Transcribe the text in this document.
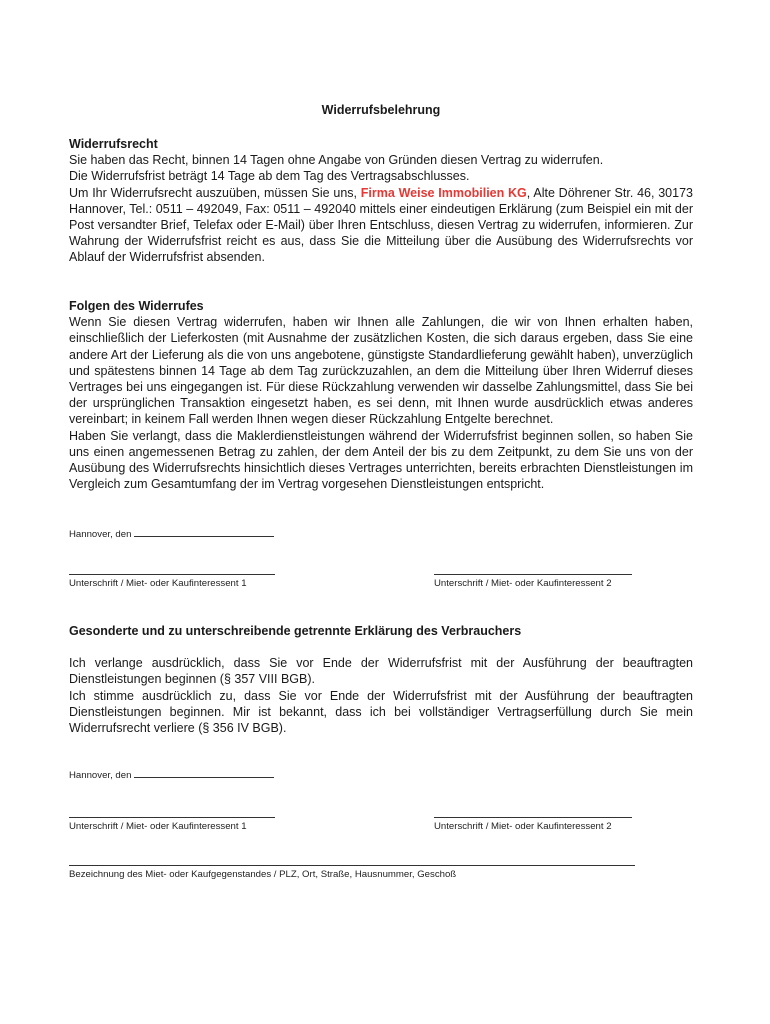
Widerrufsbelehrung

Widerrufsrecht

Sie haben das Recht, binnen 14 Tagen ohne Angabe von Gründen diesen Vertrag zu widerrufen.

Die Widerrufsfrist beträgt 14 Tage ab dem Tag des Vertragsabschlusses.

Um Ihr Widerrufsrecht auszuüben, müssen Sie uns, Firma Weise Immobilien KG, Alte Döhrener Str. 46, 30173 Hannover, Tel.: 0511 – 492049, Fax: 0511 – 492040 mittels einer eindeutigen Erklärung (zum Beispiel ein mit der Post versandter Brief, Telefax oder E-Mail) über Ihren Entschluss, diesen Vertrag zu widerrufen, informieren. Zur Wahrung der Widerrufsfrist reicht es aus, dass Sie die Mitteilung über die Ausübung des Widerrufsrechts vor Ablauf der Widerrufsfrist absenden.

Folgen des Widerrufes

Wenn Sie diesen Vertrag widerrufen, haben wir Ihnen alle Zahlungen, die wir von Ihnen erhalten haben, einschließlich der Lieferkosten (mit Ausnahme der zusätzlichen Kosten, die sich daraus ergeben, dass Sie eine andere Art der Lieferung als die von uns angebotene, günstigste Standardlieferung gewählt haben), unverzüglich und spätestens binnen 14 Tage ab dem Tag zurückzuzahlen, an dem die Mitteilung über Ihren Widerruf dieses Vertrages bei uns eingegangen ist. Für diese Rückzahlung verwenden wir dasselbe Zahlungsmittel, dass Sie bei der ursprünglichen Transaktion eingesetzt haben, es sei denn, mit Ihnen wurde ausdrücklich etwas anderes vereinbart; in keinem Fall werden Ihnen wegen dieser Rückzahlung Entgelte berechnet.

Haben Sie verlangt, dass die Maklerdienstleistungen während der Widerrufsfrist beginnen sollen, so haben Sie uns einen angemessenen Betrag zu zahlen, der dem Anteil der bis zu dem Zeitpunkt, zu dem Sie uns von der Ausübung des Widerrufsrechts hinsichtlich dieses Vertrages unterrichten, bereits erbrachten Dienstleistungen im Vergleich zum Gesamtumfang der im Vertrag vorgesehen Dienstleistungen entspricht.

Hannover, den
Unterschrift / Miet- oder Kaufinteressent 1	Unterschrift / Miet- oder Kaufinteressent 2

Gesonderte und zu unterschreibende getrennte Erklärung des Verbrauchers

Ich verlange ausdrücklich, dass Sie vor Ende der Widerrufsfrist mit der Ausführung der beauftragten Dienstleistungen beginnen (§ 357 VIII BGB).

Ich stimme ausdrücklich zu, dass Sie vor Ende der Widerrufsfrist mit der Ausführung der beauftragten Dienstleistungen beginnen. Mir ist bekannt, dass ich bei vollständiger Vertragserfüllung durch Sie mein Widerrufsrecht verliere (§ 356 IV BGB).

Hannover, den
Unterschrift / Miet- oder Kaufinteressent 1	Unterschrift / Miet- oder Kaufinteressent 2
Bezeichnung des Miet- oder Kaufgegenstandes / PLZ, Ort, Straße, Hausnummer, Geschoß
